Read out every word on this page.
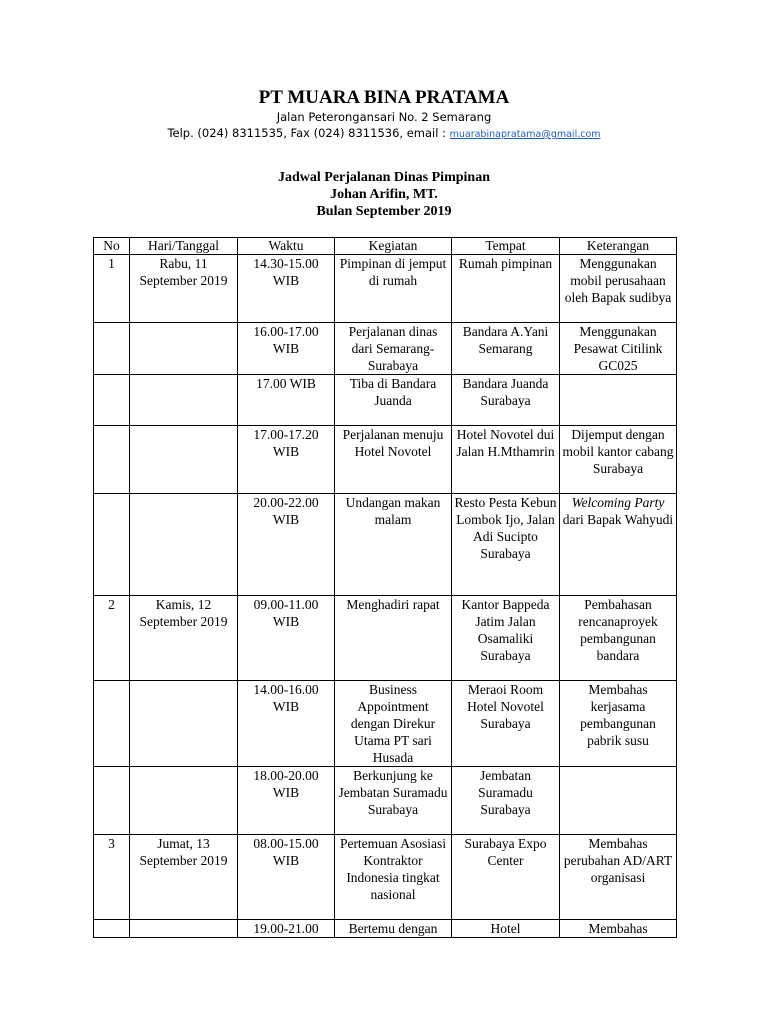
PT MUARA BINA PRATAMA
Jalan Peterongansari No. 2 Semarang
Telp. (024) 8311535, Fax (024) 8311536, email : muarabinapratama@gmail.com
Jadwal Perjalanan Dinas Pimpinan
Johan Arifin, MT.
Bulan September 2019
No	Hari/Tanggal	Waktu	Kegiatan	Tempat	Keterangan
1	Rabu, 11 September 2019	14.30-15.00 WIB	Pimpinan di jemput di rumah	Rumah pimpinan	Menggunakan mobil perusahaan oleh Bapak sudibya
		16.00-17.00 WIB	Perjalanan dinas dari Semarang-Surabaya	Bandara A.Yani Semarang	Menggunakan Pesawat Citilink GC025
		17.00 WIB	Tiba di Bandara Juanda	Bandara Juanda Surabaya	
		17.00-17.20 WIB	Perjalanan menuju Hotel Novotel	Hotel Novotel dui Jalan H.Mthamrin	Dijemput dengan mobil kantor cabang Surabaya
		20.00-22.00 WIB	Undangan makan malam	Resto Pesta Kebun Lombok Ijo, Jalan Adi Sucipto Surabaya	Welcoming Party dari Bapak Wahyudi
2	Kamis, 12 September 2019	09.00-11.00 WIB	Menghadiri rapat	Kantor Bappeda Jatim Jalan Osamaliki Surabaya	Pembahasan rencanaproyek pembangunan bandara
		14.00-16.00 WIB	Business Appointment dengan Direkur Utama PT sari Husada	Meraoi Room Hotel Novotel Surabaya	Membahas kerjasama pembangunan pabrik susu
		18.00-20.00 WIB	Berkunjung ke Jembatan Suramadu Surabaya	Jembatan Suramadu Surabaya	
3	Jumat, 13 September 2019	08.00-15.00 WIB	Pertemuan Asosiasi Kontraktor Indonesia tingkat nasional	Surabaya Expo Center	Membahas perubahan AD/ART organisasi
		19.00-21.00	Bertemu dengan	Hotel	Membahas
